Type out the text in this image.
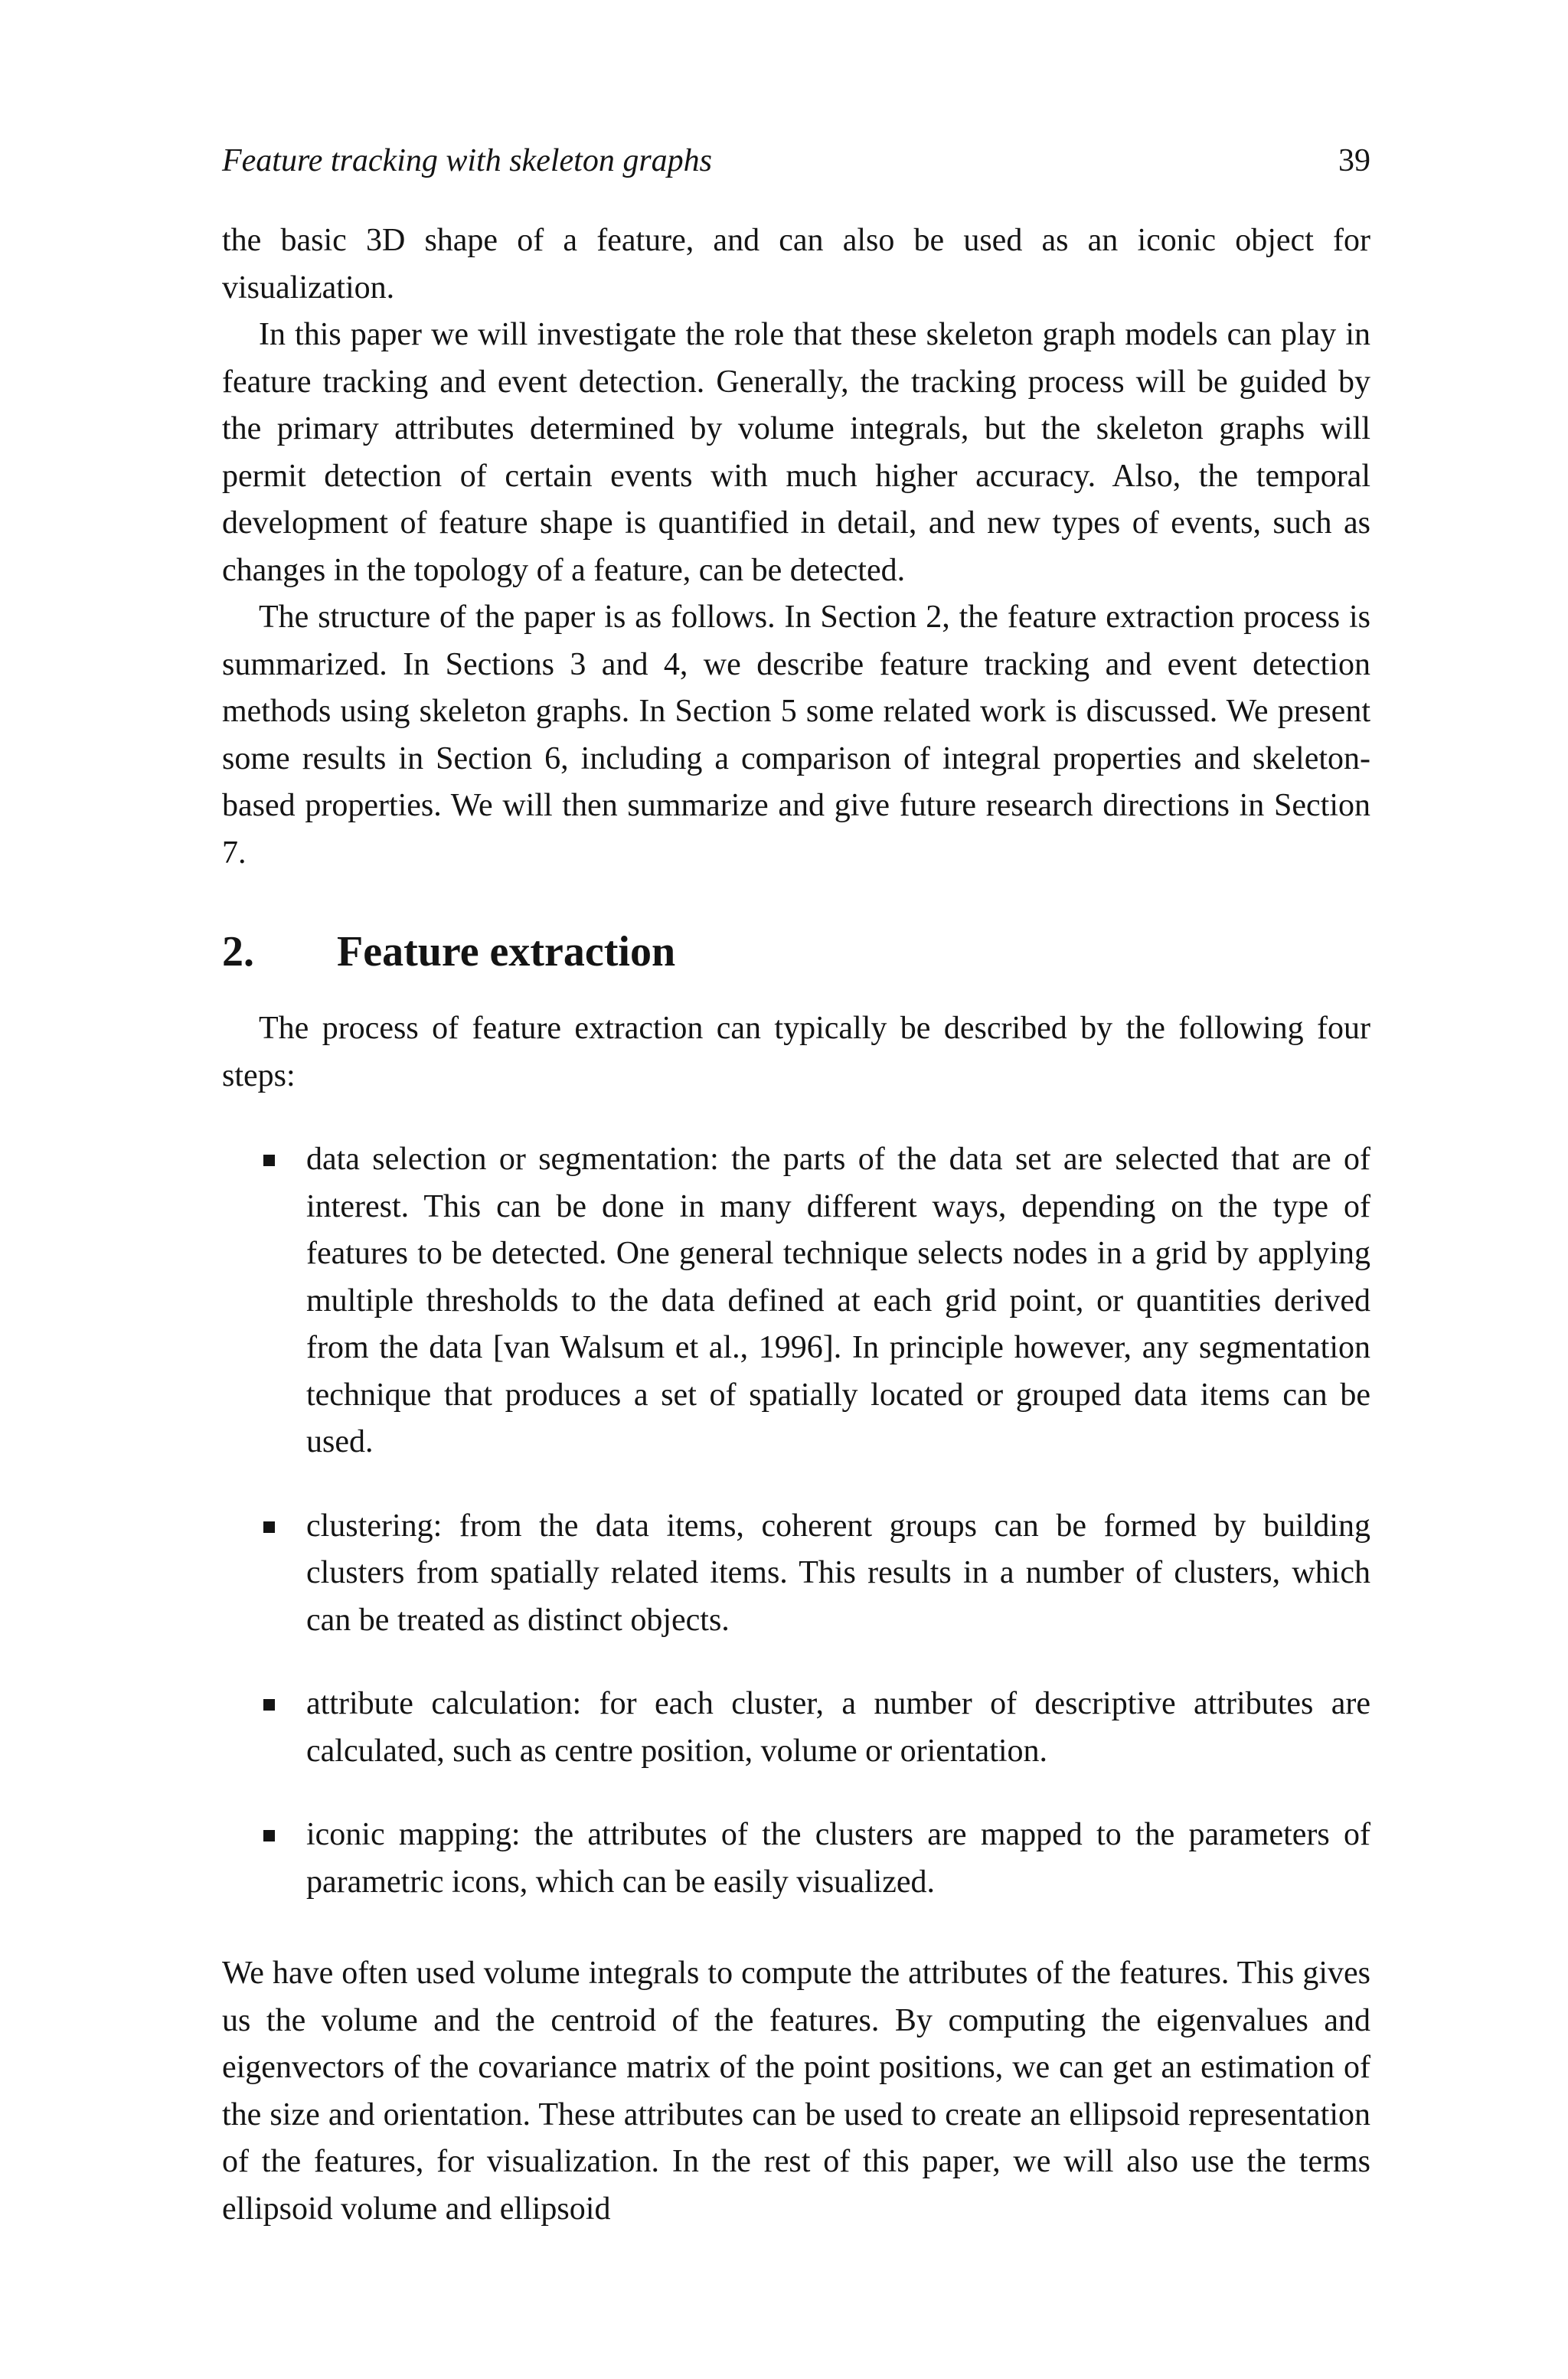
Feature tracking with skeleton graphs	39

the basic 3D shape of a feature, and can also be used as an iconic object for visualization.

In this paper we will investigate the role that these skeleton graph models can play in feature tracking and event detection. Generally, the tracking process will be guided by the primary attributes determined by volume integrals, but the skeleton graphs will permit detection of certain events with much higher accuracy. Also, the temporal development of feature shape is quantified in detail, and new types of events, such as changes in the topology of a feature, can be detected.

The structure of the paper is as follows. In Section 2, the feature extraction process is summarized. In Sections 3 and 4, we describe feature tracking and event detection methods using skeleton graphs. In Section 5 some related work is discussed. We present some results in Section 6, including a comparison of integral properties and skeleton-based properties. We will then summarize and give future research directions in Section 7.

2.	Feature extraction

The process of feature extraction can typically be described by the following four steps:

data selection or segmentation: the parts of the data set are selected that are of interest. This can be done in many different ways, depending on the type of features to be detected. One general technique selects nodes in a grid by applying multiple thresholds to the data defined at each grid point, or quantities derived from the data [van Walsum et al., 1996]. In principle however, any segmentation technique that produces a set of spatially located or grouped data items can be used.
clustering: from the data items, coherent groups can be formed by building clusters from spatially related items. This results in a number of clusters, which can be treated as distinct objects.
attribute calculation: for each cluster, a number of descriptive attributes are calculated, such as centre position, volume or orientation.
iconic mapping: the attributes of the clusters are mapped to the parameters of parametric icons, which can be easily visualized.

We have often used volume integrals to compute the attributes of the features. This gives us the volume and the centroid of the features. By computing the eigenvalues and eigenvectors of the covariance matrix of the point positions, we can get an estimation of the size and orientation. These attributes can be used to create an ellipsoid representation of the features, for visualization. In the rest of this paper, we will also use the terms ellipsoid volume and ellipsoid
